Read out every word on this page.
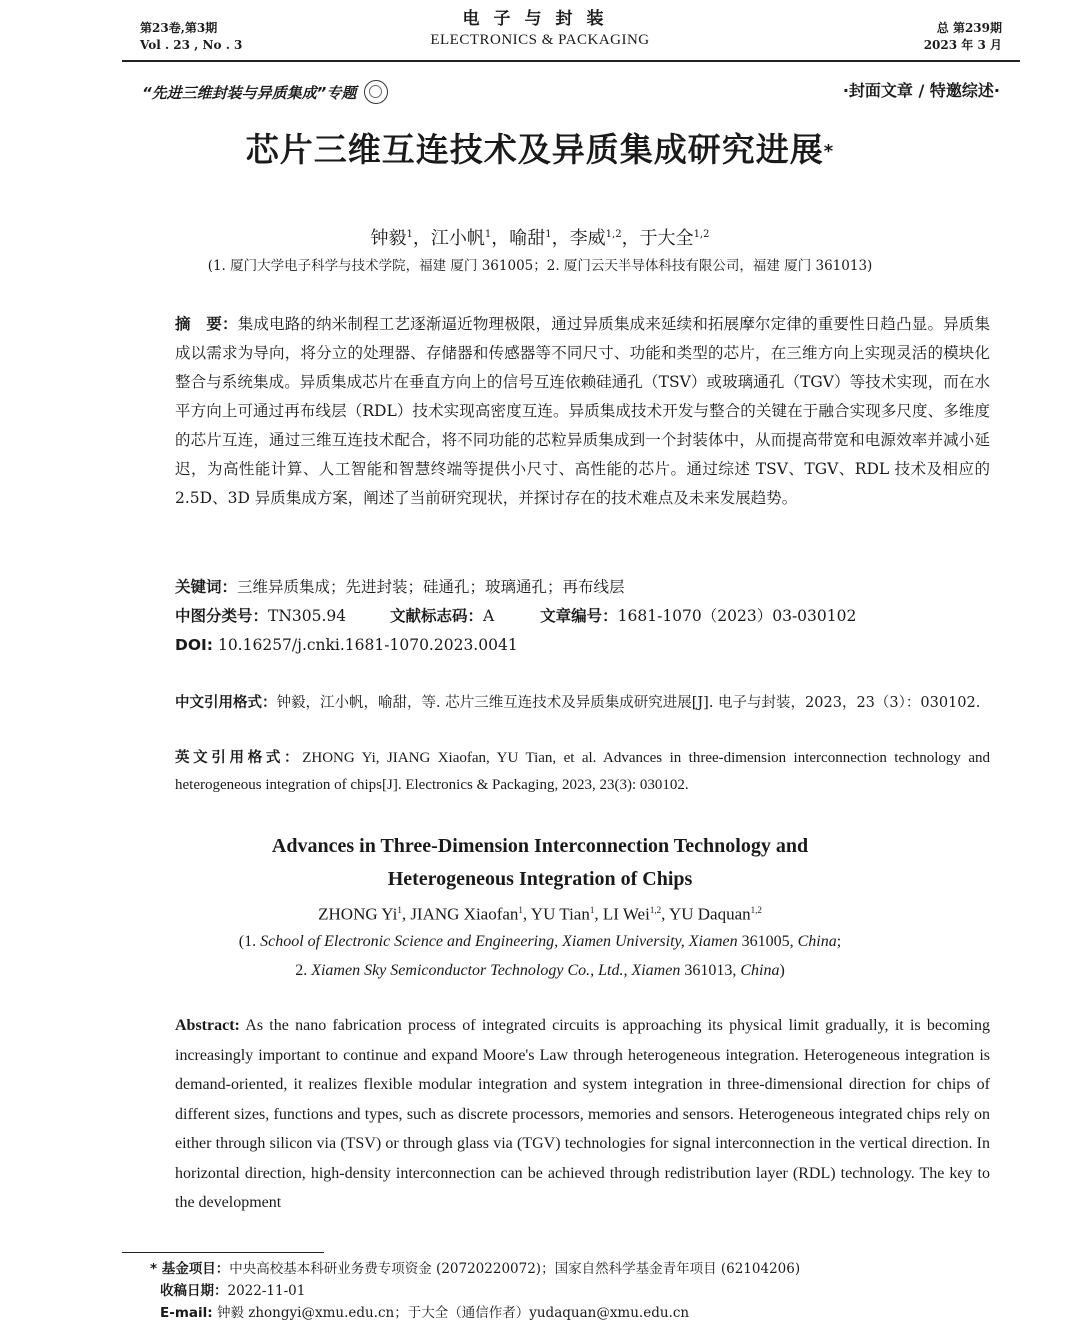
第23卷,第3期
Vol . 23 , No . 3
电子与封装
ELECTRONICS & PACKAGING
总 第239期
2023 年 3 月
“先进三维封装与异质集成”专题	·封面文章 / 特邀综述·
芯片三维互连技术及异质集成研究进展*
钟毅$^1$，江小帆$^1$，喻甜$^1$，李威$^{1,2}$，于大全$^{1,2}$
(1. 厦门大学电子科学与技术学院，福建 厦门 361005；2. 厦门云天半导体科技有限公司，福建 厦门 361013)
摘　要：集成电路的纳米制程工艺逐渐逼近物理极限，通过异质集成来延续和拓展摩尔定律的重要性日趋凸显。异质集成以需求为导向，将分立的处理器、存储器和传感器等不同尺寸、功能和类型的芯片，在三维方向上实现灵活的模块化整合与系统集成。异质集成芯片在垂直方向上的信号互连依赖硅通孔（TSV）或玻璃通孔（TGV）等技术实现，而在水平方向上可通过再布线层（RDL）技术实现高密度互连。异质集成技术开发与整合的关键在于融合实现多尺度、多维度的芯片互连，通过三维互连技术配合，将不同功能的芯粒异质集成到一个封装体中，从而提高带宽和电源效率并减小延迟，为高性能计算、人工智能和智慧终端等提供小尺寸、高性能的芯片。通过综述 TSV、TGV、RDL 技术及相应的 2.5D、3D 异质集成方案，阐述了当前研究现状，并探讨存在的技术难点及未来发展趋势。
关键词：三维异质集成；先进封装；硅通孔；玻璃通孔；再布线层
中图分类号：TN305.94	文献标志码：A	文章编号：1681-1070（2023）03-030102
DOI: 10.16257/j.cnki.1681-1070.2023.0041
中文引用格式：钟毅，江小帆，喻甜，等. 芯片三维互连技术及异质集成研究进展[J]. 电子与封装，2023，23（3）：030102.
英文引用格式：ZHONG Yi, JIANG Xiaofan, YU Tian, et al. Advances in three-dimension interconnection technology and heterogeneous integration of chips[J]. Electronics & Packaging, 2023, 23(3): 030102.
Advances in Three-Dimension Interconnection Technology and
Heterogeneous Integration of Chips
ZHONG Yi$^1$, JIANG Xiaofan$^1$, YU Tian$^1$, LI Wei$^{1,2}$, YU Daquan$^{1,2}$
(1. School of Electronic Science and Engineering, Xiamen University, Xiamen 361005, China;
2. Xiamen Sky Semiconductor Technology Co., Ltd., Xiamen 361013, China)
Abstract: As the nano fabrication process of integrated circuits is approaching its physical limit gradually, it is becoming increasingly important to continue and expand Moore's Law through heterogeneous integration. Heterogeneous integration is demand-oriented, it realizes flexible modular integration and system integration in three-dimensional direction for chips of different sizes, functions and types, such as discrete processors, memories and sensors. Heterogeneous integrated chips rely on either through silicon via (TSV) or through glass via (TGV) technologies for signal interconnection in the vertical direction. In horizontal direction, high-density interconnection can be achieved through redistribution layer (RDL) technology. The key to the development
* 基金项目：中央高校基本科研业务费专项资金 (20720220072)；国家自然科学基金青年项目 (62104206)
收稿日期：2022-11-01
E-mail: 钟毅 zhongyi@xmu.edu.cn；于大全（通信作者）yudaquan@xmu.edu.cn
